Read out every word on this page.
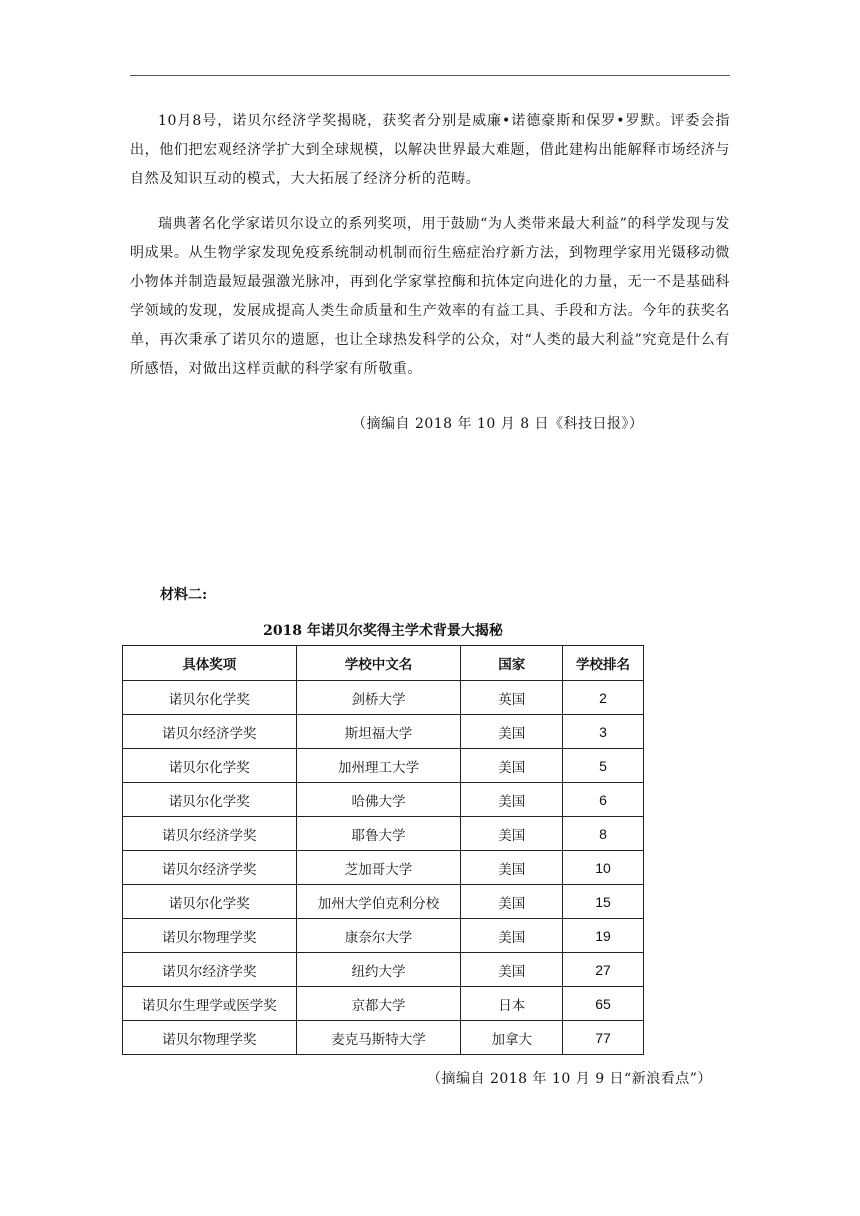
10月8号，诺贝尔经济学奖揭晓，获奖者分别是威廉•诺德豪斯和保罗•罗默。评委会指出，他们把宏观经济学扩大到全球规模，以解决世界最大难题，借此建构出能解释市场经济与自然及知识互动的模式，大大拓展了经济分析的范畴。

瑞典著名化学家诺贝尔设立的系列奖项，用于鼓励“为人类带来最大利益”的科学发现与发明成果。从生物学家发现免疫系统制动机制而衍生癌症治疗新方法，到物理学家用光镊移动微小物体并制造最短最强激光脉冲，再到化学家掌控酶和抗体定向进化的力量，无一不是基础科学领域的发现，发展成提高人类生命质量和生产效率的有益工具、手段和方法。今年的获奖名单，再次秉承了诺贝尔的遗愿，也让全球热发科学的公众，对“人类的最大利益”究竟是什么有所感悟，对做出这样贡献的科学家有所敬重。

（摘编自 2018 年 10 月 8 日《科技日报》）
材料二:
2018 年诺贝尔奖得主学术背景大揭秘
具体奖项	学校中文名	国家	学校排名
诺贝尔化学奖	剑桥大学	英国	2
诺贝尔经济学奖	斯坦福大学	美国	3
诺贝尔化学奖	加州理工大学	美国	5
诺贝尔化学奖	哈佛大学	美国	6
诺贝尔经济学奖	耶鲁大学	美国	8
诺贝尔经济学奖	芝加哥大学	美国	10
诺贝尔化学奖	加州大学伯克利分校	美国	15
诺贝尔物理学奖	康奈尔大学	美国	19
诺贝尔经济学奖	纽约大学	美国	27
诺贝尔生理学或医学奖	京都大学	日本	65
诺贝尔物理学奖	麦克马斯特大学	加拿大	77
（摘编自 2018 年 10 月 9 日“新浪看点”）
